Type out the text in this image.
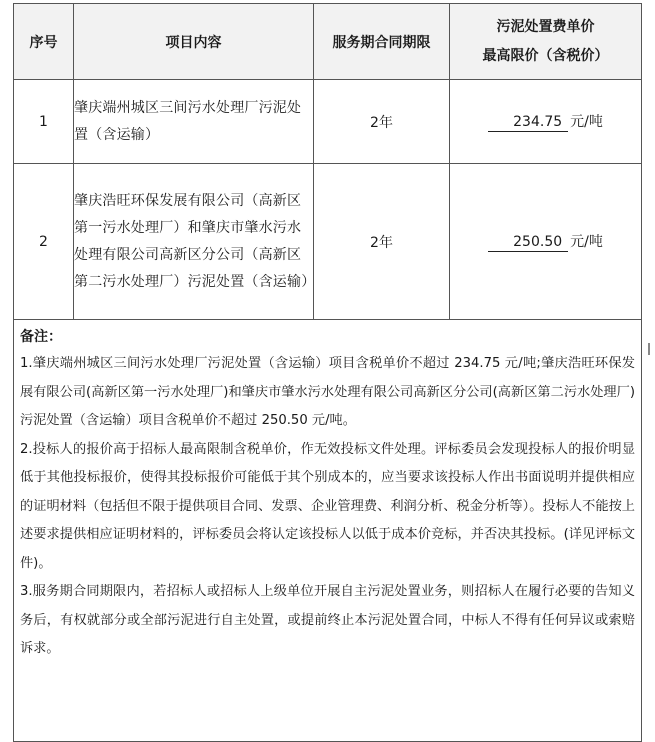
序号	项目内容	服务期合同期限	污泥处置费单价
最高限价（含税价）
1	肇庆端州城区三间污水处理厂污泥处置（含运输）	2年	234.75 元/吨
2	肇庆浩旺环保发展有限公司（高新区第一污水处理厂）和肇庆市肇水污水处理有限公司高新区分公司（高新区第二污水处理厂）污泥处置（含运输）	2年	250.50 元/吨

备注：
1.肇庆端州城区三间污水处理厂污泥处置（含运输）项目含税单价不超过 234.75 元/吨;肇庆浩旺环保发展有限公司(高新区第一污水处理厂)和肇庆市肇水污水处理有限公司高新区分公司(高新区第二污水处理厂)污泥处置（含运输）项目含税单价不超过 250.50 元/吨。
2.投标人的报价高于招标人最高限制含税单价，作无效投标文件处理。评标委员会发现投标人的报价明显低于其他投标报价，使得其投标报价可能低于其个别成本的，应当要求该投标人作出书面说明并提供相应的证明材料（包括但不限于提供项目合同、发票、企业管理费、利润分析、税金分析等）。投标人不能按上述要求提供相应证明材料的，评标委员会将认定该投标人以低于成本价竞标，并否决其投标。(详见评标文件)。
3.服务期合同期限内，若招标人或招标人上级单位开展自主污泥处置业务，则招标人在履行必要的告知义务后，有权就部分或全部污泥进行自主处置，或提前终止本污泥处置合同，中标人不得有任何异议或索赔诉求。			
